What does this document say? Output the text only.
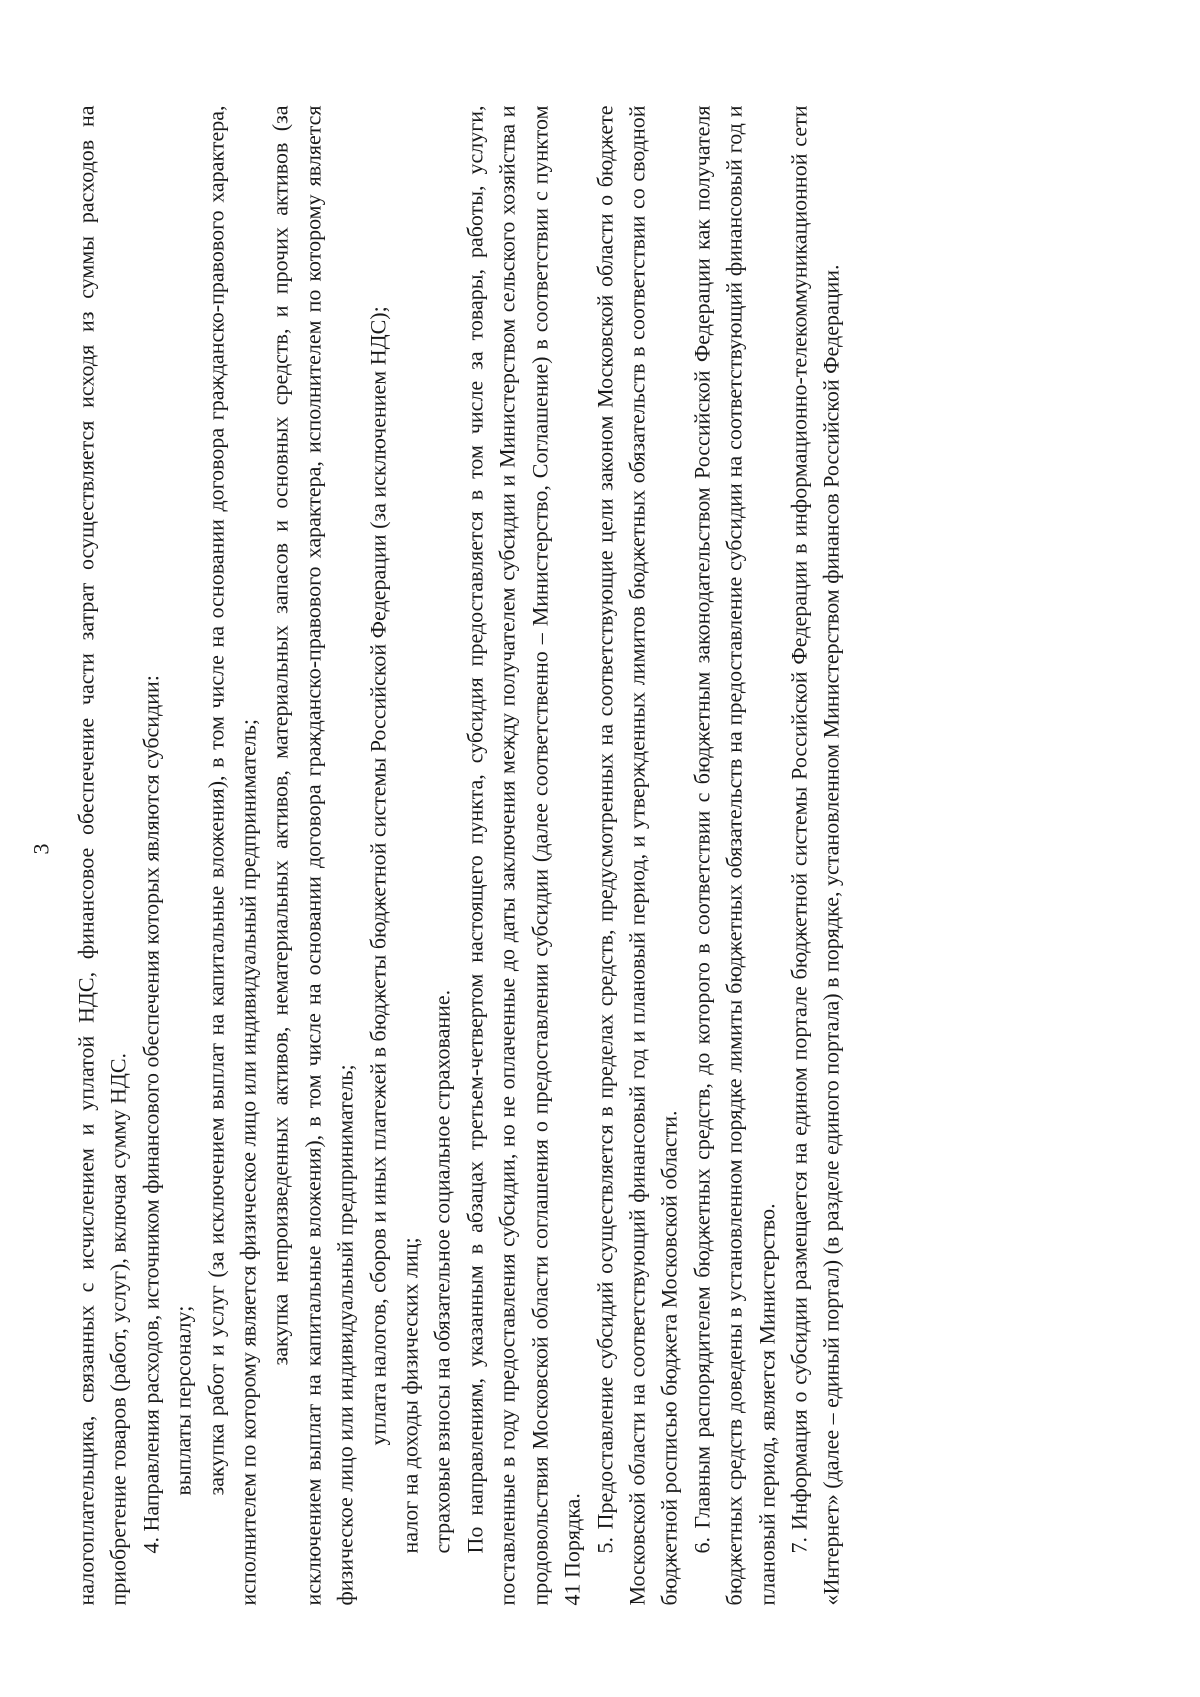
3 налогоплательщика, связанных с исчислением и уплатой НДС, финансовое обеспечение части затрат осуществляется исходя из суммы расходов на приобретение товаров (работ, услуг), включая сумму НДС. 4. Направления расходов, источником финансового обеспечения которых являются субсидии: выплаты персоналу; закупка работ и услуг (за исключением выплат на капитальные вложения), в том числе на основании договора гражданско-правового характера, исполнителем по которому является физическое лицо или индивидуальный предприниматель; закупка непроизведенных активов, нематериальных активов, материальных запасов и основных средств, и прочих активов (за исключением выплат на капитальные вложения), в том числе на основании договора гражданско-правового характера, исполнителем по которому является физическое лицо или индивидуальный предприниматель; уплата налогов, сборов и иных платежей в бюджеты бюджетной системы Российской Федерации (за исключением НДС); налог на доходы физических лиц; страховые взносы на обязательное социальное страхование. По направлениям, указанным в абзацах третьем-четвертом настоящего пункта, субсидия предоставляется в том числе за товары, работы, услуги, поставленные в году предоставления субсидии, но не оплаченные до даты заключения между получателем субсидии и Министерством сельского хозяйства и продовольствия Московской области соглашения о предоставлении субсидии (далее соответственно – Министерство, Соглашение) в соответствии с пунктом 41 Порядка. 5. Предоставление субсидий осуществляется в пределах средств, предусмотренных на соответствующие цели законом Московской области о бюджете Московской области на соответствующий финансовый год и плановый период, и утвержденных лимитов бюджетных обязательств в соответствии со сводной бюджетной росписью бюджета Московской области. 6. Главным распорядителем бюджетных средств, до которого в соответствии с бюджетным законодательством Российской Федерации как получателя бюджетных средств доведены в установленном порядке лимиты бюджетных обязательств на предоставление субсидии на соответствующий финансовый год и плановый период, является Министерство. 7. Информация о субсидии размещается на едином портале бюджетной системы Российской Федерации в информационно-телекоммуникационной сети «Интернет» (далее – единый портал) (в разделе единого портала) в порядке, установленном Министерством финансов Российской Федерации.
